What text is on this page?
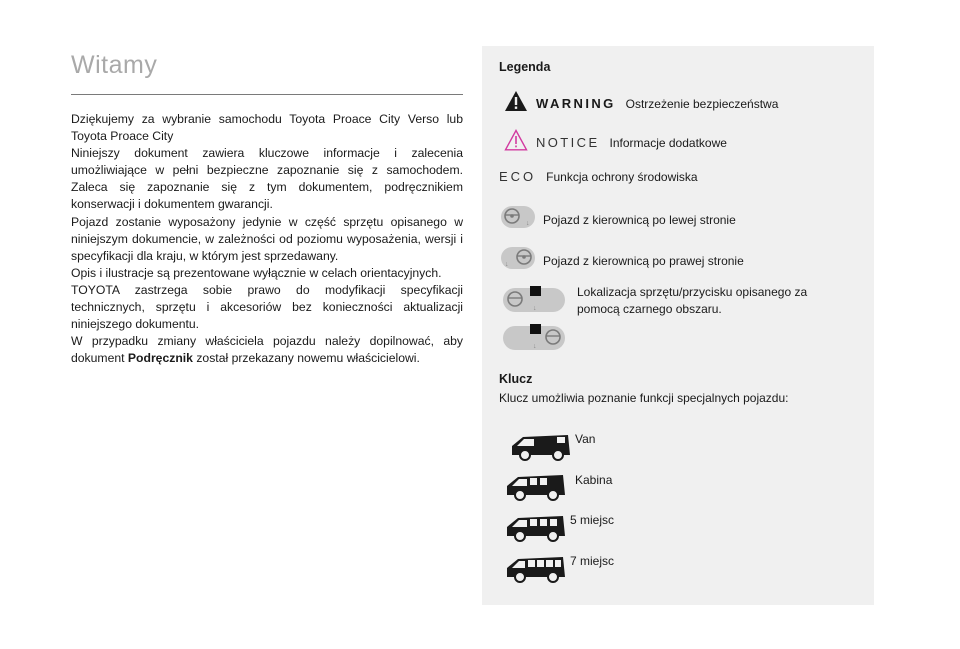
Witamy

Dziękujemy za wybranie samochodu Toyota Proace City Verso lub Toyota Proace City

Niniejszy dokument zawiera kluczowe informacje i zalecenia umożliwiające w pełni bezpieczne zapoznanie się z samochodem. Zaleca się zapoznanie się z tym dokumentem, podręcznikiem konserwacji i dokumentem gwarancji.

Pojazd zostanie wyposażony jedynie w część sprzętu opisanego w niniejszym dokumencie, w zależności od poziomu wyposażenia, wersji i specyfikacji dla kraju, w którym jest sprzedawany.

Opis i ilustracje są prezentowane wyłącznie w celach orientacyjnych.

TOYOTA zastrzega sobie prawo do modyfikacji specyfikacji technicznych, sprzętu i akcesoriów bez konieczności aktualizacji niniejszego dokumentu.

W przypadku zmiany właściciela pojazdu należy dopilnować, aby dokument Podręcznik został przekazany nowemu właścicielowi.

Legenda
WARNING Ostrzeżenie bezpieczeństwa
NOTICE Informacje dodatkowe
ECO Funkcja ochrony środowiska
↓ Pojazd z kierownicą po lewej stronie
↓	Pojazd z kierownicą po prawej stronie
↓
↓
Lokalizacja sprzętu/przycisku opisanego za
pomocą czarnego obszaru.
Klucz
Klucz umożliwia poznanie funkcji specjalnych pojazdu:
Van
Kabina
5 miejsc
7 miejsc
